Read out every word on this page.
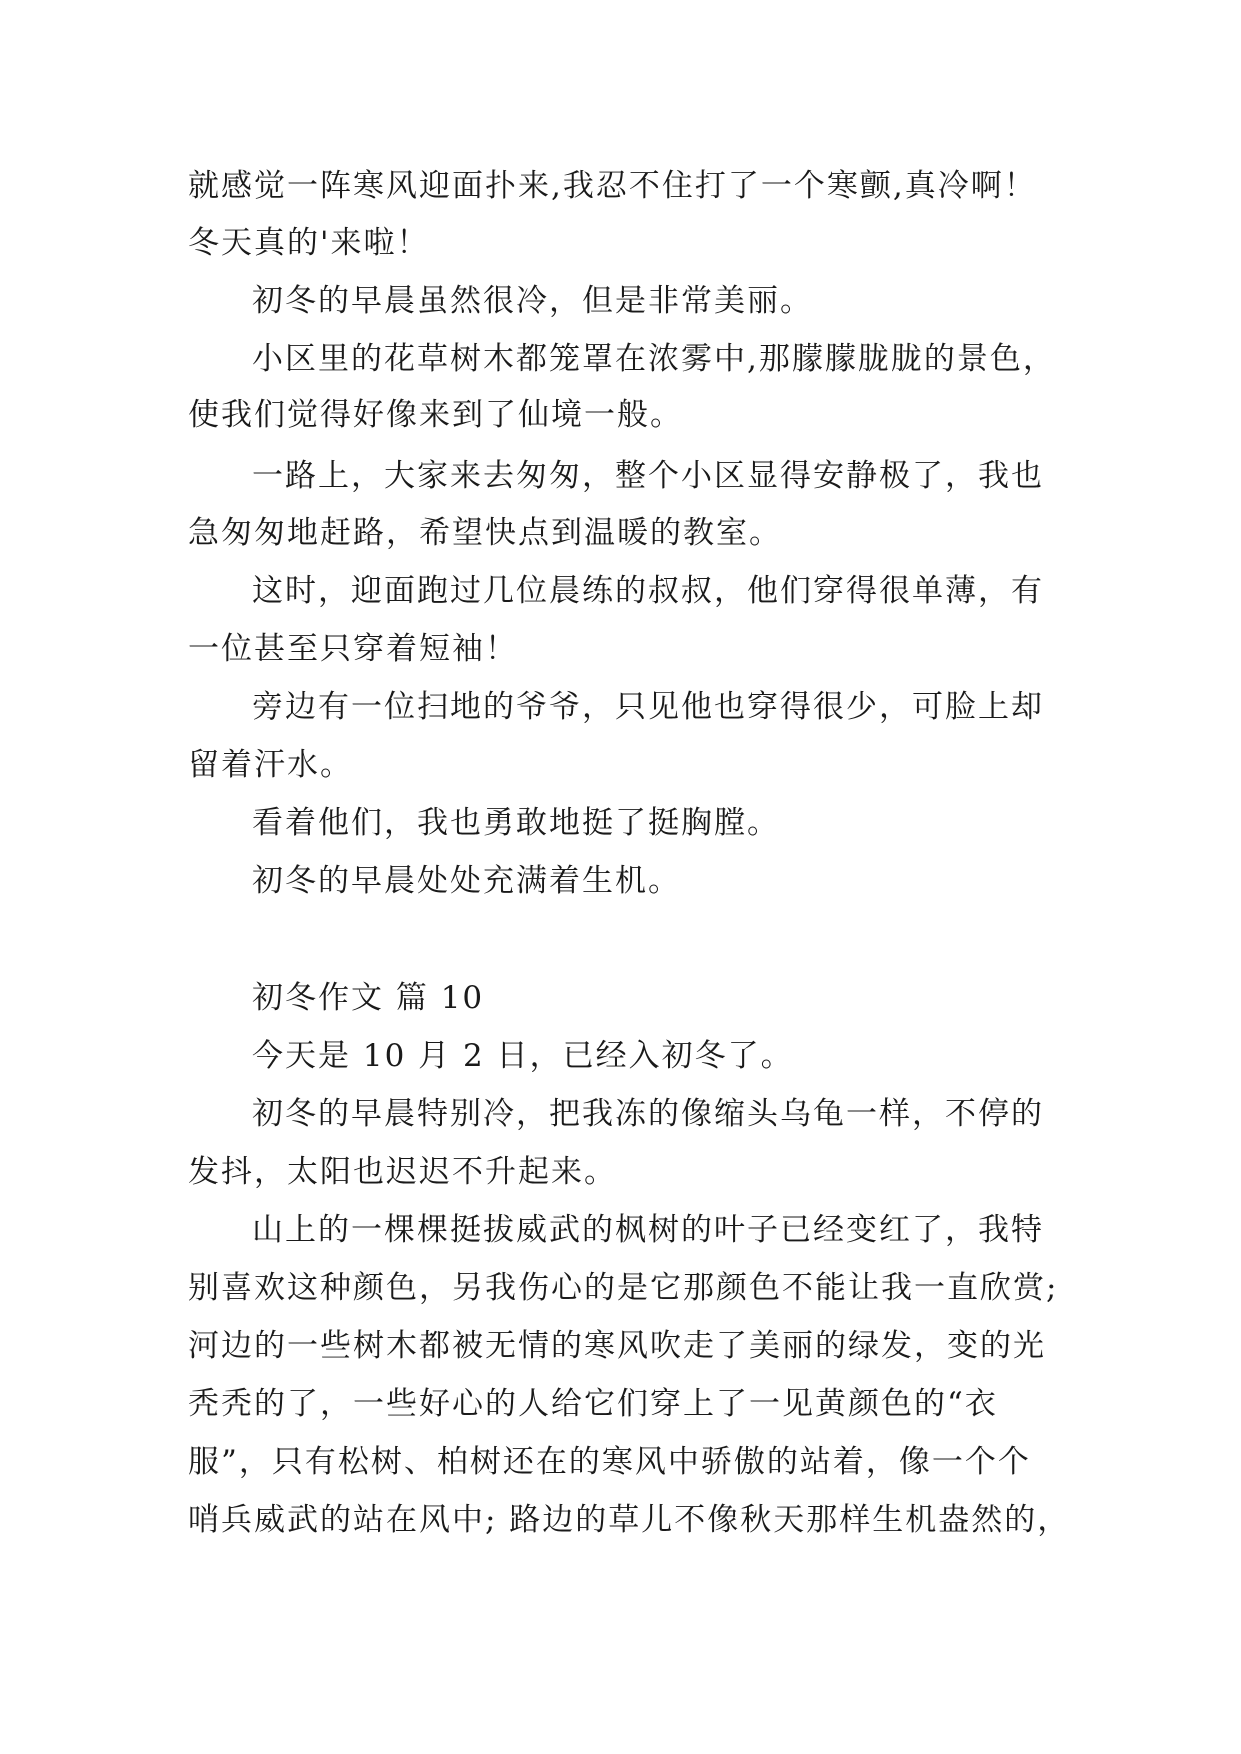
就感觉一阵寒风迎面扑来,我忍不住打了一个寒颤,真冷啊！
冬天真的'来啦！
初冬的早晨虽然很冷，但是非常美丽。
小区里的花草树木都笼罩在浓雾中,那朦朦胧胧的景色，
使我们觉得好像来到了仙境一般。
一路上，大家来去匆匆，整个小区显得安静极了，我也
急匆匆地赶路，希望快点到温暖的教室。
这时，迎面跑过几位晨练的叔叔，他们穿得很单薄，有
一位甚至只穿着短袖！
旁边有一位扫地的爷爷，只见他也穿得很少，可脸上却
留着汗水。
看着他们，我也勇敢地挺了挺胸膛。
初冬的早晨处处充满着生机。
初冬作文 篇 10
今天是 10 月 2 日，已经入初冬了。
初冬的早晨特别冷，把我冻的像缩头乌龟一样，不停的
发抖，太阳也迟迟不升起来。
山上的一棵棵挺拔威武的枫树的叶子已经变红了，我特
别喜欢这种颜色，另我伤心的是它那颜色不能让我一直欣赏;
河边的一些树木都被无情的寒风吹走了美丽的绿发，变的光
秃秃的了，一些好心的人给它们穿上了一见黄颜色的“衣
服”，只有松树、柏树还在的寒风中骄傲的站着，像一个个
哨兵威武的站在风中; 路边的草儿不像秋天那样生机盎然的，
